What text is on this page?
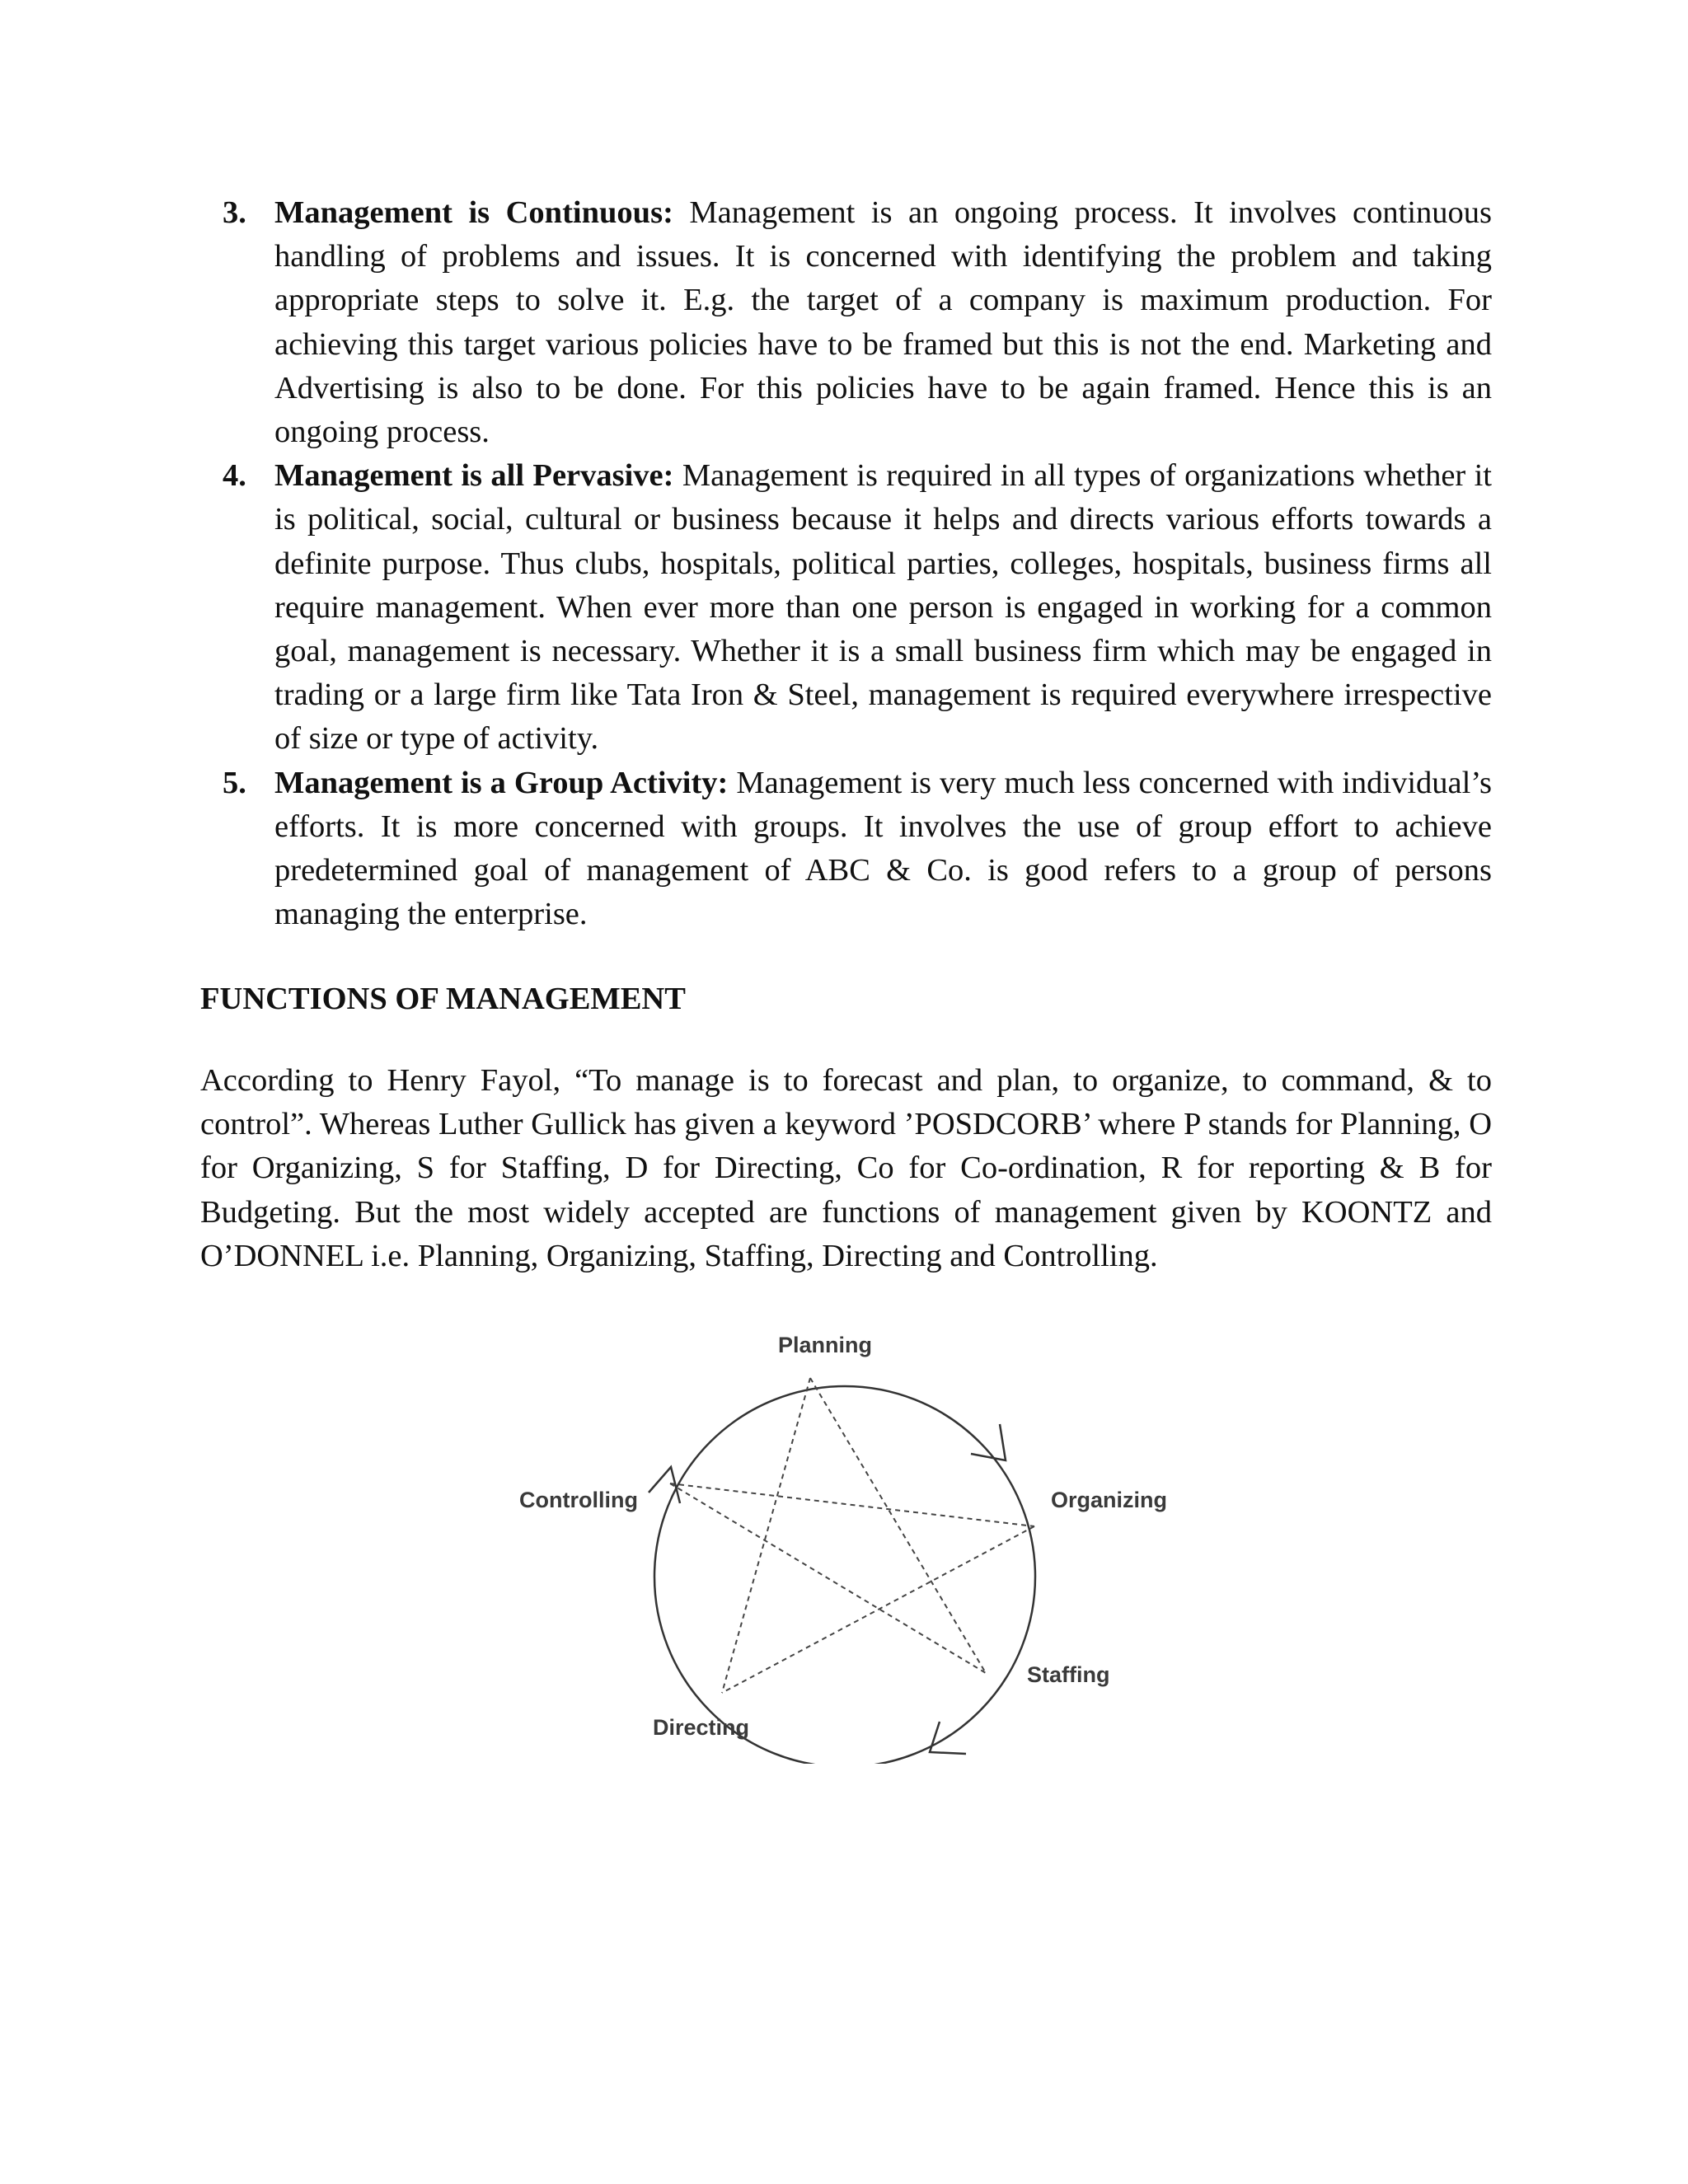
3. Management is Continuous: Management is an ongoing process. It involves continuous handling of problems and issues. It is concerned with identifying the problem and taking appropriate steps to solve it. E.g. the target of a company is maximum production. For achieving this target various policies have to be framed but this is not the end. Marketing and Advertising is also to be done. For this policies have to be again framed. Hence this is an ongoing process.
4. Management is all Pervasive: Management is required in all types of organizations whether it is political, social, cultural or business because it helps and directs various efforts towards a definite purpose. Thus clubs, hospitals, political parties, colleges, hospitals, business firms all require management. When ever more than one person is engaged in working for a common goal, management is necessary. Whether it is a small business firm which may be engaged in trading or a large firm like Tata Iron & Steel, management is required everywhere irrespective of size or type of activity.
5. Management is a Group Activity: Management is very much less concerned with individual’s efforts. It is more concerned with groups. It involves the use of group effort to achieve predetermined goal of management of ABC & Co. is good refers to a group of persons managing the enterprise.
FUNCTIONS OF MANAGEMENT

According to Henry Fayol, “To manage is to forecast and plan, to organize, to command, & to control”. Whereas Luther Gullick has given a keyword ’POSDCORB’ where P stands for Planning, O for Organizing, S for Staffing, D for Directing, Co for Co-ordination, R for reporting & B for Budgeting. But the most widely accepted are functions of management given by KOONTZ and O’DONNEL i.e. Planning, Organizing, Staffing, Directing and Controlling.

Planning
Organizing
Staffing
Directing
Controlling
